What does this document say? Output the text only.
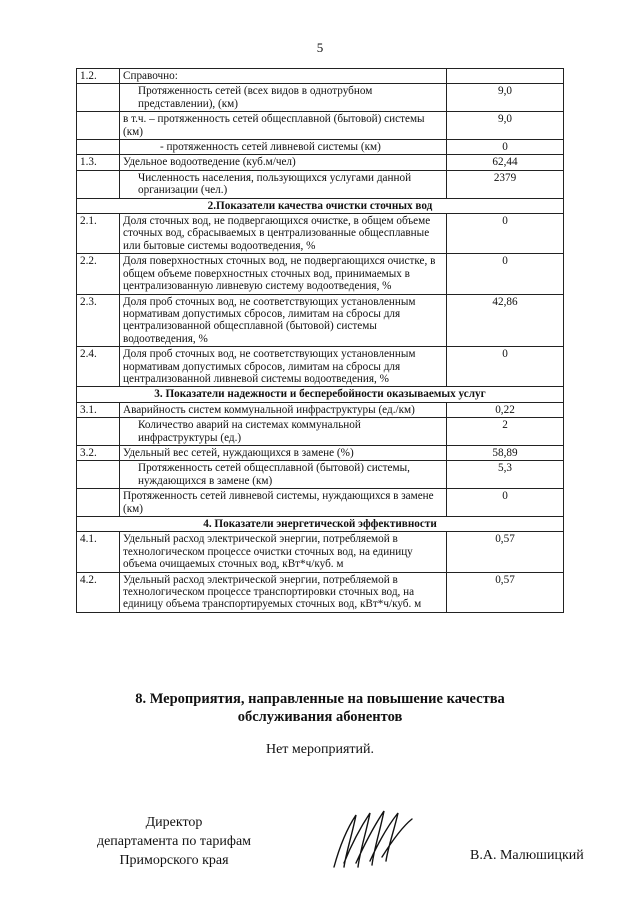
5
1.2.	Справочно:	
	Протяженность сетей (всех видов в однотрубном представлении), (км)	9,0
	в т.ч. – протяженность сетей общесплавной (бытовой) системы (км)	9,0
	- протяженность сетей ливневой системы (км)	0
1.3.	Удельное водоотведение (куб.м/чел)	62,44
	Численность населения, пользующихся услугами данной организации (чел.)	2379
2.Показатели качества очистки сточных вод		
2.1.	Доля сточных вод, не подвергающихся очистке, в общем объеме сточных вод, сбрасываемых в централизованные общесплавные или бытовые системы водоотведения, %	0
2.2.	Доля поверхностных сточных вод, не подвергающихся очистке, в общем объеме поверхностных сточных вод, принимаемых в централизованную ливневую систему водоотведения, %	0
2.3.	Доля проб сточных вод, не соответствующих установленным нормативам допустимых сбросов, лимитам на сбросы для централизованной общесплавной (бытовой) системы водоотведения, %	42,86
2.4.	Доля проб сточных вод, не соответствующих установленным нормативам допустимых сбросов, лимитам на сбросы для централизованной ливневой системы водоотведения, %	0
3. Показатели надежности и бесперебойности оказываемых услуг		
3.1.	Аварийность систем коммунальной инфраструктуры (ед./км)	0,22
	Количество аварий на системах коммунальной инфраструктуры (ед.)	2
3.2.	Удельный вес сетей, нуждающихся в замене (%)	58,89
	Протяженность сетей общесплавной (бытовой) системы, нуждающихся в замене (км)	5,3
	Протяженность сетей ливневой системы, нуждающихся в замене (км)	0
4. Показатели энергетической эффективности		
4.1.	Удельный расход электрической энергии, потребляемой в технологическом процессе очистки сточных вод, на единицу объема очищаемых сточных вод, кВт*ч/куб. м	0,57
4.2.	Удельный расход электрической энергии, потребляемой в технологическом процессе транспортировки сточных вод, на единицу объема транспортируемых сточных вод, кВт*ч/куб. м	0,57
8. Мероприятия, направленные на повышение качества
обслуживания абонентов
Нет мероприятий.
Директор
департамента по тарифам
Приморского края	В.А. Малюшицкий
